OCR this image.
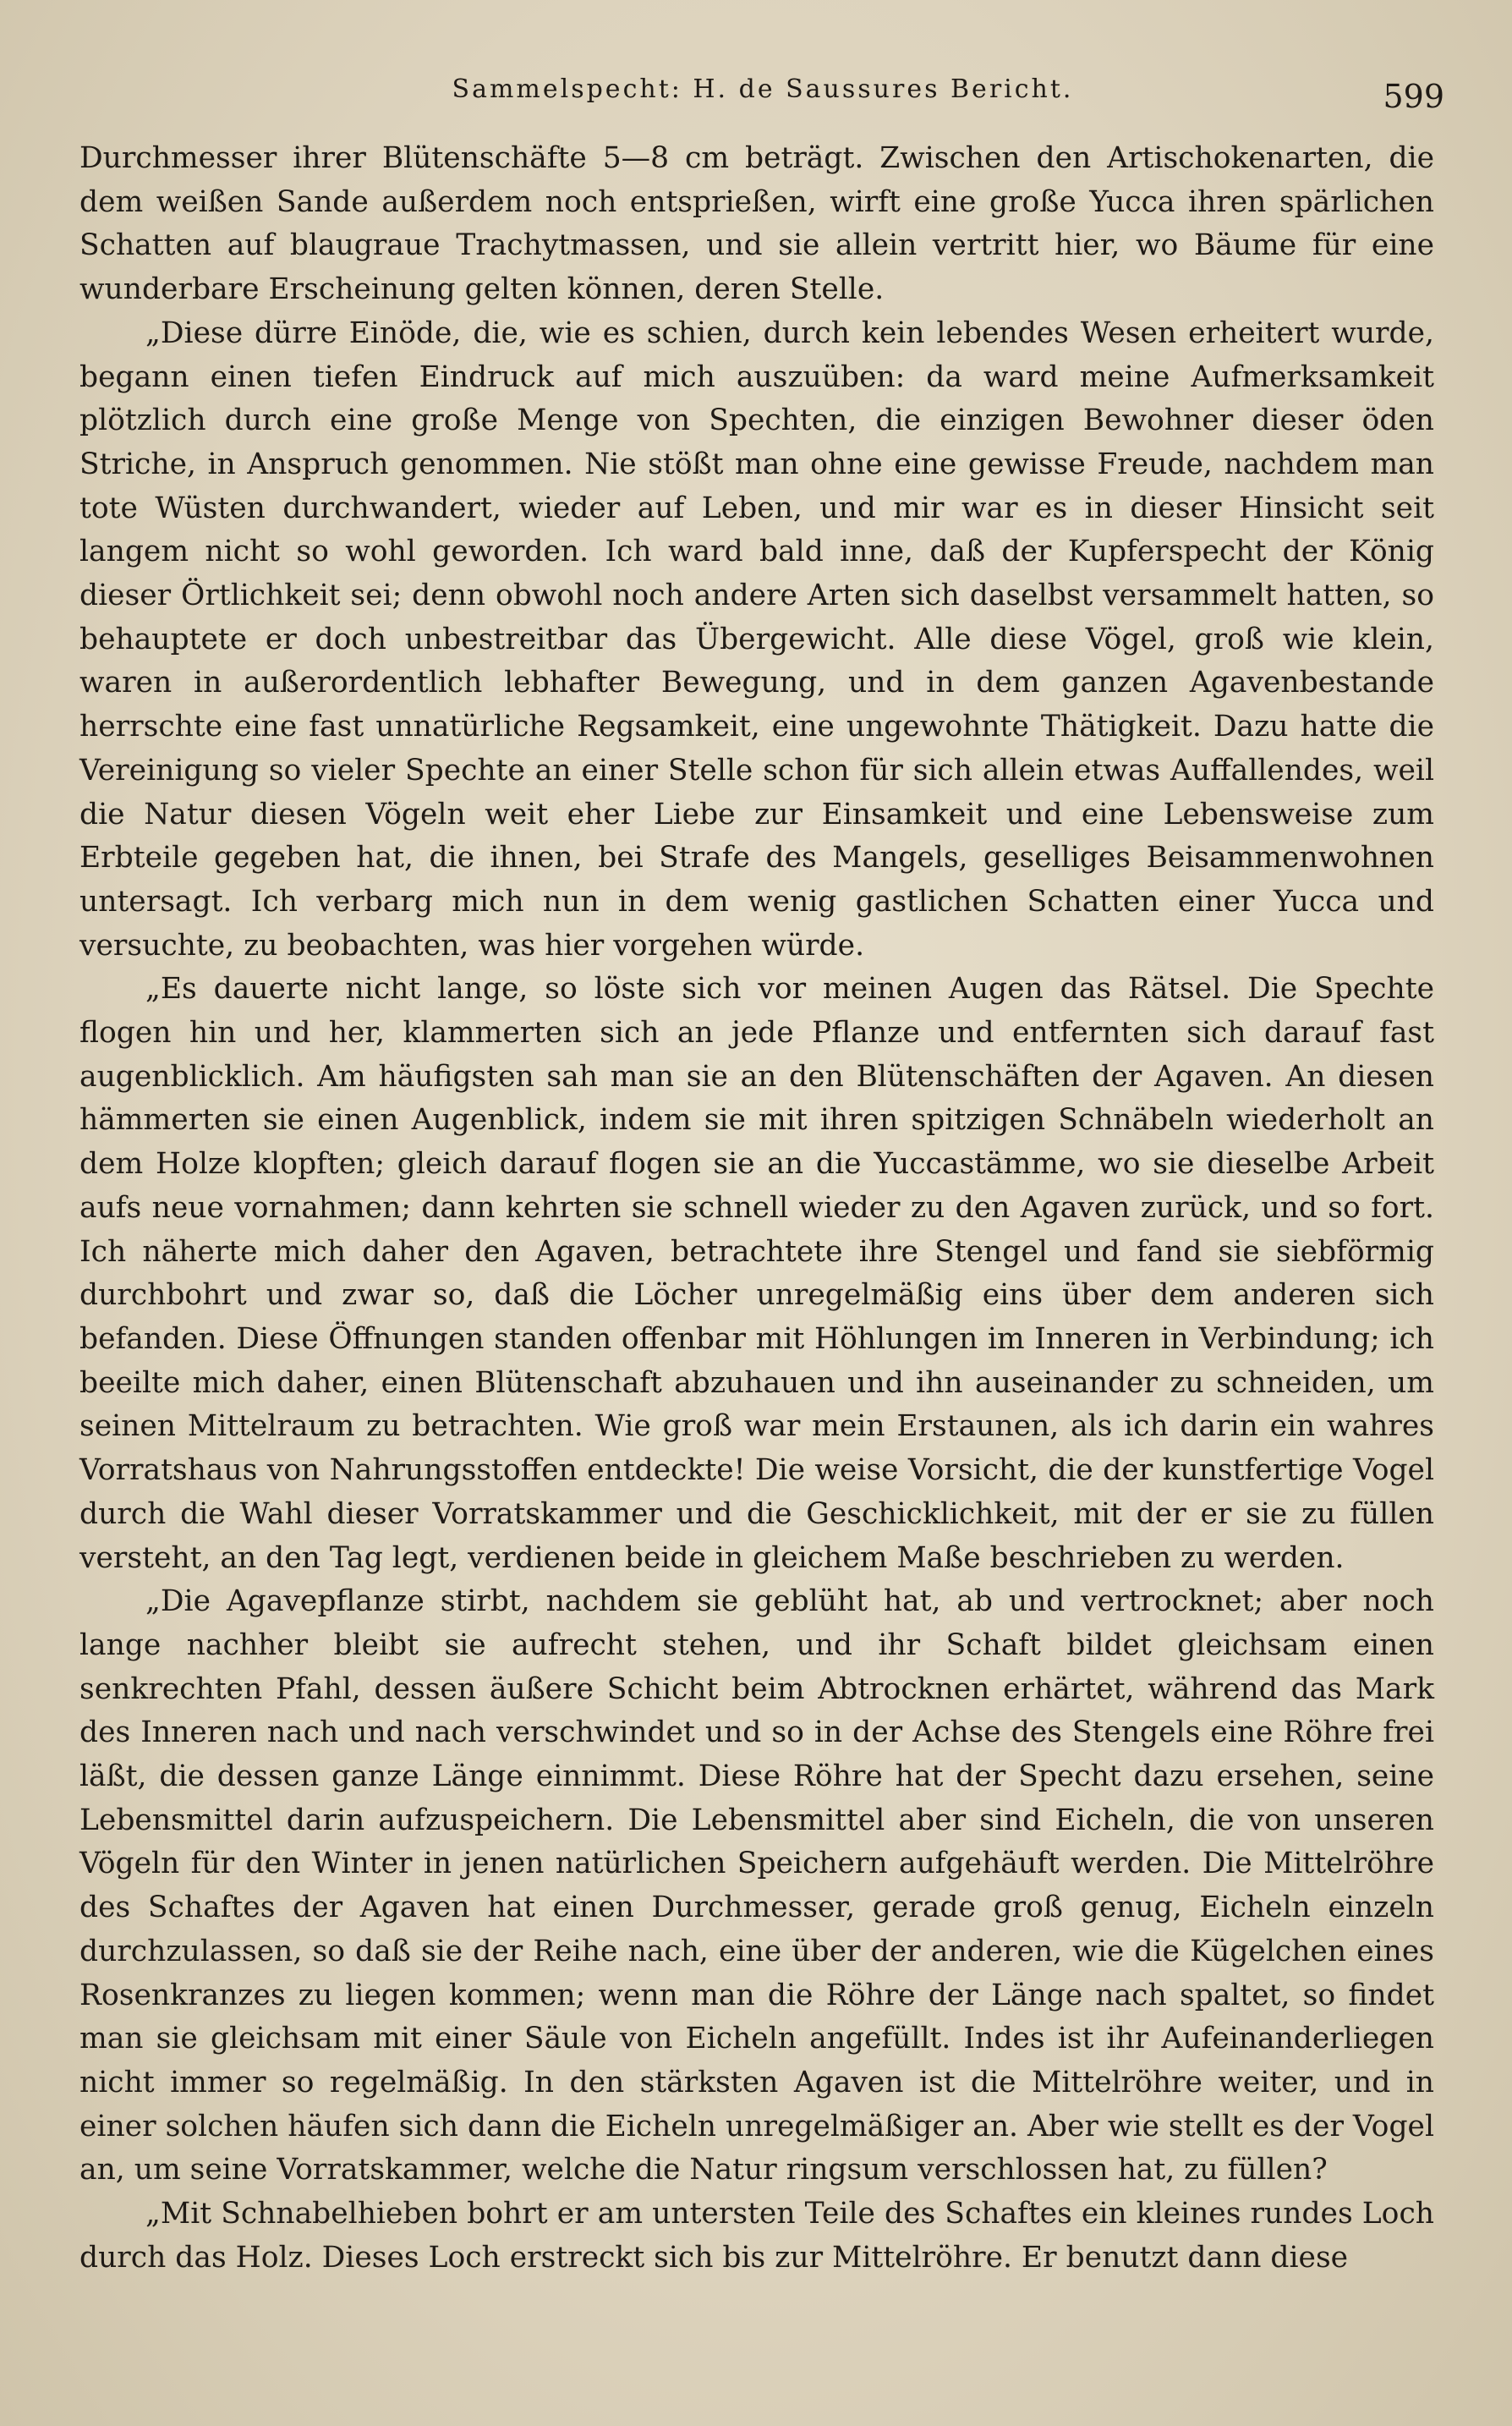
Sammelspecht: H. de Saussures Bericht.	599

Durchmesser ihrer Blütenschäfte 5—8 cm beträgt. Zwischen den Artischokenarten, die dem weißen Sande außerdem noch entsprießen, wirft eine große Yucca ihren spärlichen Schatten auf blaugraue Trachytmassen, und sie allein vertritt hier, wo Bäume für eine wunderbare Erscheinung gelten können, deren Stelle.

„Diese dürre Einöde, die, wie es schien, durch kein lebendes Wesen erheitert wurde, begann einen tiefen Eindruck auf mich auszuüben: da ward meine Aufmerksamkeit plötzlich durch eine große Menge von Spechten, die einzigen Bewohner dieser öden Striche, in Anspruch genommen. Nie stößt man ohne eine gewisse Freude, nachdem man tote Wüsten durchwandert, wieder auf Leben, und mir war es in dieser Hinsicht seit langem nicht so wohl geworden. Ich ward bald inne, daß der Kupferspecht der König dieser Örtlichkeit sei; denn obwohl noch andere Arten sich daselbst versammelt hatten, so behauptete er doch unbestreitbar das Übergewicht. Alle diese Vögel, groß wie klein, waren in außerordentlich lebhafter Bewegung, und in dem ganzen Agavenbestande herrschte eine fast unnatürliche Regsamkeit, eine ungewohnte Thätigkeit. Dazu hatte die Vereinigung so vieler Spechte an einer Stelle schon für sich allein etwas Auffallendes, weil die Natur diesen Vögeln weit eher Liebe zur Einsamkeit und eine Lebensweise zum Erbteile gegeben hat, die ihnen, bei Strafe des Mangels, geselliges Beisammenwohnen untersagt. Ich verbarg mich nun in dem wenig gastlichen Schatten einer Yucca und versuchte, zu beobachten, was hier vorgehen würde.

„Es dauerte nicht lange, so löste sich vor meinen Augen das Rätsel. Die Spechte flogen hin und her, klammerten sich an jede Pflanze und entfernten sich darauf fast augenblicklich. Am häufigsten sah man sie an den Blütenschäften der Agaven. An diesen hämmerten sie einen Augenblick, indem sie mit ihren spitzigen Schnäbeln wiederholt an dem Holze klopften; gleich darauf flogen sie an die Yuccastämme, wo sie dieselbe Arbeit aufs neue vornahmen; dann kehrten sie schnell wieder zu den Agaven zurück, und so fort. Ich näherte mich daher den Agaven, betrachtete ihre Stengel und fand sie siebförmig durchbohrt und zwar so, daß die Löcher unregelmäßig eins über dem anderen sich befanden. Diese Öffnungen standen offenbar mit Höhlungen im Inneren in Verbindung; ich beeilte mich daher, einen Blütenschaft abzuhauen und ihn auseinander zu schneiden, um seinen Mittelraum zu betrachten. Wie groß war mein Erstaunen, als ich darin ein wahres Vorratshaus von Nahrungsstoffen entdeckte! Die weise Vorsicht, die der kunstfertige Vogel durch die Wahl dieser Vorratskammer und die Geschicklichkeit, mit der er sie zu füllen versteht, an den Tag legt, verdienen beide in gleichem Maße beschrieben zu werden.

„Die Agavepflanze stirbt, nachdem sie geblüht hat, ab und vertrocknet; aber noch lange nachher bleibt sie aufrecht stehen, und ihr Schaft bildet gleichsam einen senkrechten Pfahl, dessen äußere Schicht beim Abtrocknen erhärtet, während das Mark des Inneren nach und nach verschwindet und so in der Achse des Stengels eine Röhre frei läßt, die dessen ganze Länge einnimmt. Diese Röhre hat der Specht dazu ersehen, seine Lebensmittel darin aufzuspeichern. Die Lebensmittel aber sind Eicheln, die von unseren Vögeln für den Winter in jenen natürlichen Speichern aufgehäuft werden. Die Mittelröhre des Schaftes der Agaven hat einen Durchmesser, gerade groß genug, Eicheln einzeln durchzulassen, so daß sie der Reihe nach, eine über der anderen, wie die Kügelchen eines Rosenkranzes zu liegen kommen; wenn man die Röhre der Länge nach spaltet, so findet man sie gleichsam mit einer Säule von Eicheln angefüllt. Indes ist ihr Aufeinanderliegen nicht immer so regelmäßig. In den stärksten Agaven ist die Mittelröhre weiter, und in einer solchen häufen sich dann die Eicheln unregelmäßiger an. Aber wie stellt es der Vogel an, um seine Vorratskammer, welche die Natur ringsum verschlossen hat, zu füllen?

„Mit Schnabelhieben bohrt er am untersten Teile des Schaftes ein kleines rundes Loch durch das Holz. Dieses Loch erstreckt sich bis zur Mittelröhre. Er benutzt dann diese
